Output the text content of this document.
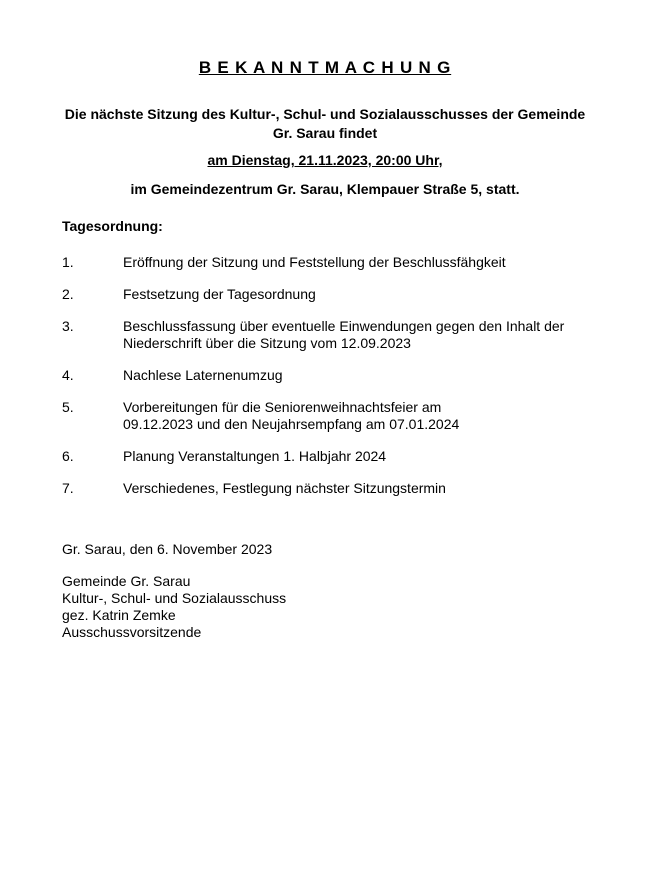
B E K A N N T M A C H U N G
Die nächste Sitzung des Kultur-, Schul- und Sozialausschusses der Gemeinde
Gr. Sarau findet
am Dienstag, 21.11.2023, 20:00 Uhr,
im Gemeindezentrum Gr. Sarau, Klempauer Straße 5, statt.
Tagesordnung:
1.	Eröffnung der Sitzung und Feststellung der Beschlussfähgkeit
2.	Festsetzung der Tagesordnung
3.	Beschlussfassung über eventuelle Einwendungen gegen den Inhalt der
Niederschrift über die Sitzung vom 12.09.2023
4.	Nachlese Laternenumzug
5.	Vorbereitungen für die Seniorenweihnachtsfeier am
09.12.2023 und den Neujahrsempfang am 07.01.2024
6.	Planung Veranstaltungen 1. Halbjahr 2024
7.	Verschiedenes, Festlegung nächster Sitzungstermin
Gr. Sarau, den 6. November 2023
Gemeinde Gr. Sarau
Kultur-, Schul- und Sozialausschuss
gez. Katrin Zemke
Ausschussvorsitzende
